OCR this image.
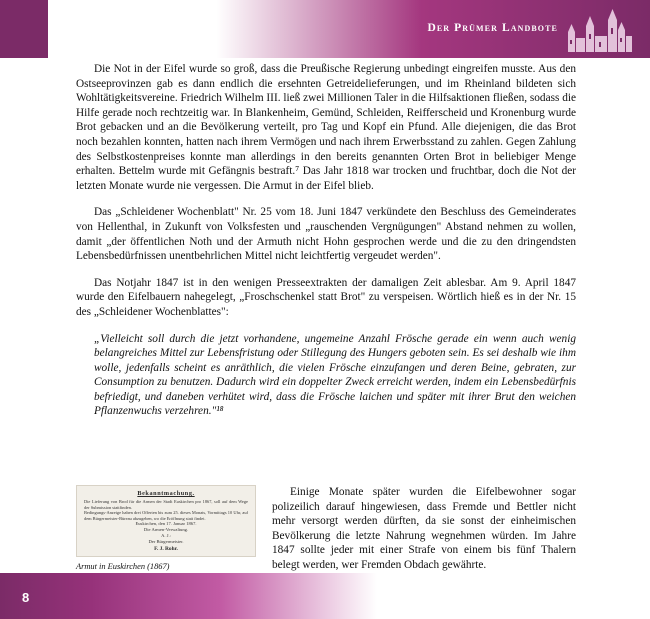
Der Prümer Landbote

Die Not in der Eifel wurde so groß, dass die Preußische Regierung unbedingt eingreifen musste. Aus den Ostseeprovinzen gab es dann endlich die ersehnten Getreidelieferungen, und im Rheinland bildeten sich Wohltätigkeitsvereine. Friedrich Wilhelm III. ließ zwei Millionen Taler in die Hilfsaktionen fließen, sodass die Hilfe gerade noch rechtzeitig war. In Blankenheim, Gemünd, Schleiden, Reifferscheid und Kronenburg wurde Brot gebacken und an die Bevölkerung verteilt, pro Tag und Kopf ein Pfund. Alle diejenigen, die das Brot noch bezahlen konnten, hatten nach ihrem Vermögen und nach ihrem Erwerbsstand zu zahlen. Gegen Zahlung des Selbstkostenpreises konnte man allerdings in den bereits genannten Orten Brot in beliebiger Menge erhalten. Bettelm wurde mit Gefängnis bestraft.⁷ Das Jahr 1818 war trocken und fruchtbar, doch die Not der letzten Monate wurde nie vergessen. Die Armut in der Eifel blieb.

Das „Schleidener Wochenblatt" Nr. 25 vom 18. Juni 1847 verkündete den Beschluss des Gemeinderates von Hellenthal, in Zukunft von Volksfesten und „rauschenden Vergnügungen" Abstand nehmen zu wollen, damit „der öffentlichen Noth und der Armuth nicht Hohn gesprochen werde und die zu den dringendsten Lebensbedürfnissen unentbehrlichen Mittel nicht leichtfertig vergeudet werden".

Das Notjahr 1847 ist in den wenigen Presseextrakten der damaligen Zeit ablesbar. Am 9. April 1847 wurde den Eifelbauern nahegelegt, „Froschschenkel statt Brot" zu verspeisen. Wörtlich hieß es in der Nr. 15 des „Schleidener Wochenblattes":

„Vielleicht soll durch die jetzt vorhandene, ungemeine Anzahl Frösche gerade ein wenn auch wenig belangreiches Mittel zur Lebensfristung oder Stillegung des Hungers geboten sein. Es sei deshalb wie ihm wolle, jedenfalls scheint es anräthlich, die vielen Frösche einzufangen und deren Beine, gebraten, zur Consumption zu benutzen. Dadurch wird ein doppelter Zweck erreicht werden, indem ein Lebensbedürfnis befriedigt, und daneben verhütet wird, dass die Frösche laichen und später mit ihrer Brut den weichen Pflanzenwuchs verzehren."¹⁸

Bekanntmachung.
Die Lieferung von Brod für die Armen der Stadt Euskirchen pro 1867, soll auf dem Wege der Submission stattfinden.
Bedingungs-Anzeige haben drei Offerten bis zum 25. dieses Monats, Vormittags 10 Uhr, auf dem Bürgermeister-Büreau abzugeben, wo die Eröffnung statt findet.
Euskirchen, den 17. Januar 1867.
Die Armen-Verwaltung.
A. J.:
Der Bürgermeister.
F. J. Rohr.
Armut in Euskirchen (1867)

Einige Monate später wurden die Eifelbewohner sogar polizeilich darauf hingewiesen, dass Fremde und Bettler nicht mehr versorgt werden dürften, da sie sonst der einheimischen Bevölkerung die letzte Nahrung wegnehmen würden. Im Jahre 1847 sollte jeder mit einer Strafe von einem bis fünf Thalern belegt werden, wer Fremden Obdach gewährte.

8
